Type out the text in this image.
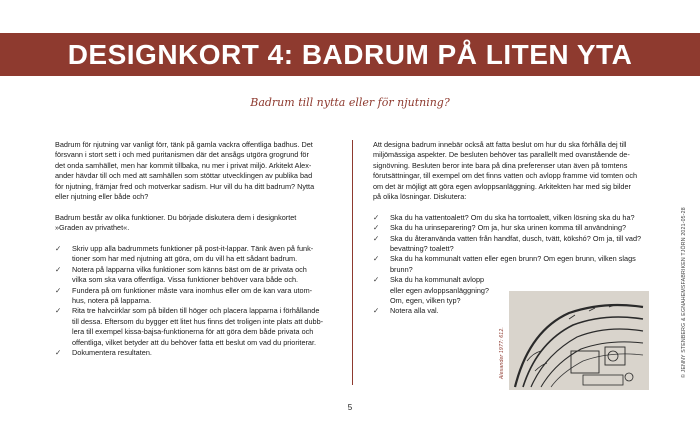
DESIGNKORT 4: BADRUM PÅ LITEN YTA
Badrum till nytta eller för njutning?

Badrum för njutning var vanligt förr, tänk på gamla vackra offentliga badhus. Det
försvann i stort sett i och med puritanismen där det ansågs utgöra grogrund för
det onda samhället, men har kommit tillbaka, nu mer i privat miljö. Arkitekt Alex-
ander hävdar till och med att samhällen som stöttar utvecklingen av publika bad
för njutning, främjar fred och motverkar sadism. Hur vill du ha ditt badrum? Nytta
eller njutning eller både och?

Badrum består av olika funktioner. Du började diskutera dem i designkortet
»Graden av privathet«.

✓ Skriv upp alla badrummets funktioner på post-it-lappar. Tänk även på funk-
tioner som har med njutning att göra, om du vill ha ett sådant badrum.
✓ Notera på lapparna vilka funktioner som känns bäst om de är privata och
vilka som ska vara offentliga. Vissa funktioner behöver vara både och.
✓ Fundera på om funktioner måste vara inomhus eller om de kan vara utom-
hus, notera på lapparna.
✓ Rita tre halvcirklar som på bilden till höger och placera lapparna i förhållande
till dessa. Eftersom du bygger ett litet hus finns det troligen inte plats att dubb-
lera till exempel kissa-bajsa-funktionerna för att göra dem både privata och
offentliga, vilket betyder att du behöver fatta ett beslut om vad du prioriterar.
✓ Dokumentera resultaten.

Att designa badrum innebär också att fatta beslut om hur du ska förhålla dej till
miljömässiga aspekter. De besluten behöver tas parallellt med ovanstående de-
signövning. Besluten beror inte bara på dina preferenser utan även på tomtens
förutsättningar, till exempel om det finns vatten och avlopp framme vid tomten och
om det är möjligt att göra egen avloppsanläggning. Arkitekten har med sig bilder
på olika lösningar. Diskutera:

✓ Ska du ha vattentoalett? Om du ska ha torrtoalett, vilken lösning ska du ha?
✓ Ska du ha urinseparering? Om ja, hur ska urinen komma till användning?
✓ Ska du återanvända vatten från handfat, dusch, tvätt, kökshó? Om ja, till vad?
bevattning? toalett?
✓ Ska du ha kommunalt vatten eller egen brunn? Om egen brunn, vilken slags
brunn?
✓ Ska du ha kommunalt avlopp
eller egen avloppsanläggning?
Om, egen, vilken typ?
✓ Notera alla val.
Alexander 1977: 612.
5
© JENNY STENBERG & EGNAHEMSFABRIKEN TJÖRN 2021-05-28
